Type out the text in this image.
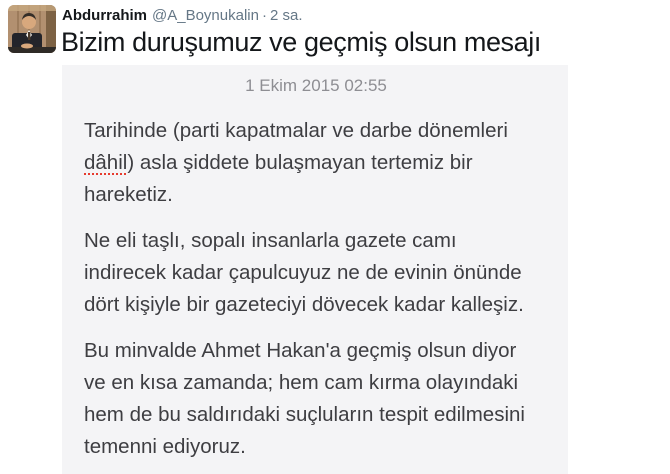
Abdurrahim @A_Boynukalin · 2 sa.
Bizim duruşumuz ve geçmiş olsun mesajı
1 Ekim 2015 02:55
Tarihinde (parti kapatmalar ve darbe dönemleri
dâhil) asla şiddete bulaşmayan tertemiz bir
hareketiz.
Ne eli taşlı, sopalı insanlarla gazete camı
indirecek kadar çapulcuyuz ne de evinin önünde
dört kişiyle bir gazeteciyi dövecek kadar kalleşiz.
Bu minvalde Ahmet Hakan'a geçmiş olsun diyor
ve en kısa zamanda; hem cam kırma olayındaki
hem de bu saldırıdaki suçluların tespit edilmesini
temenni ediyoruz.
